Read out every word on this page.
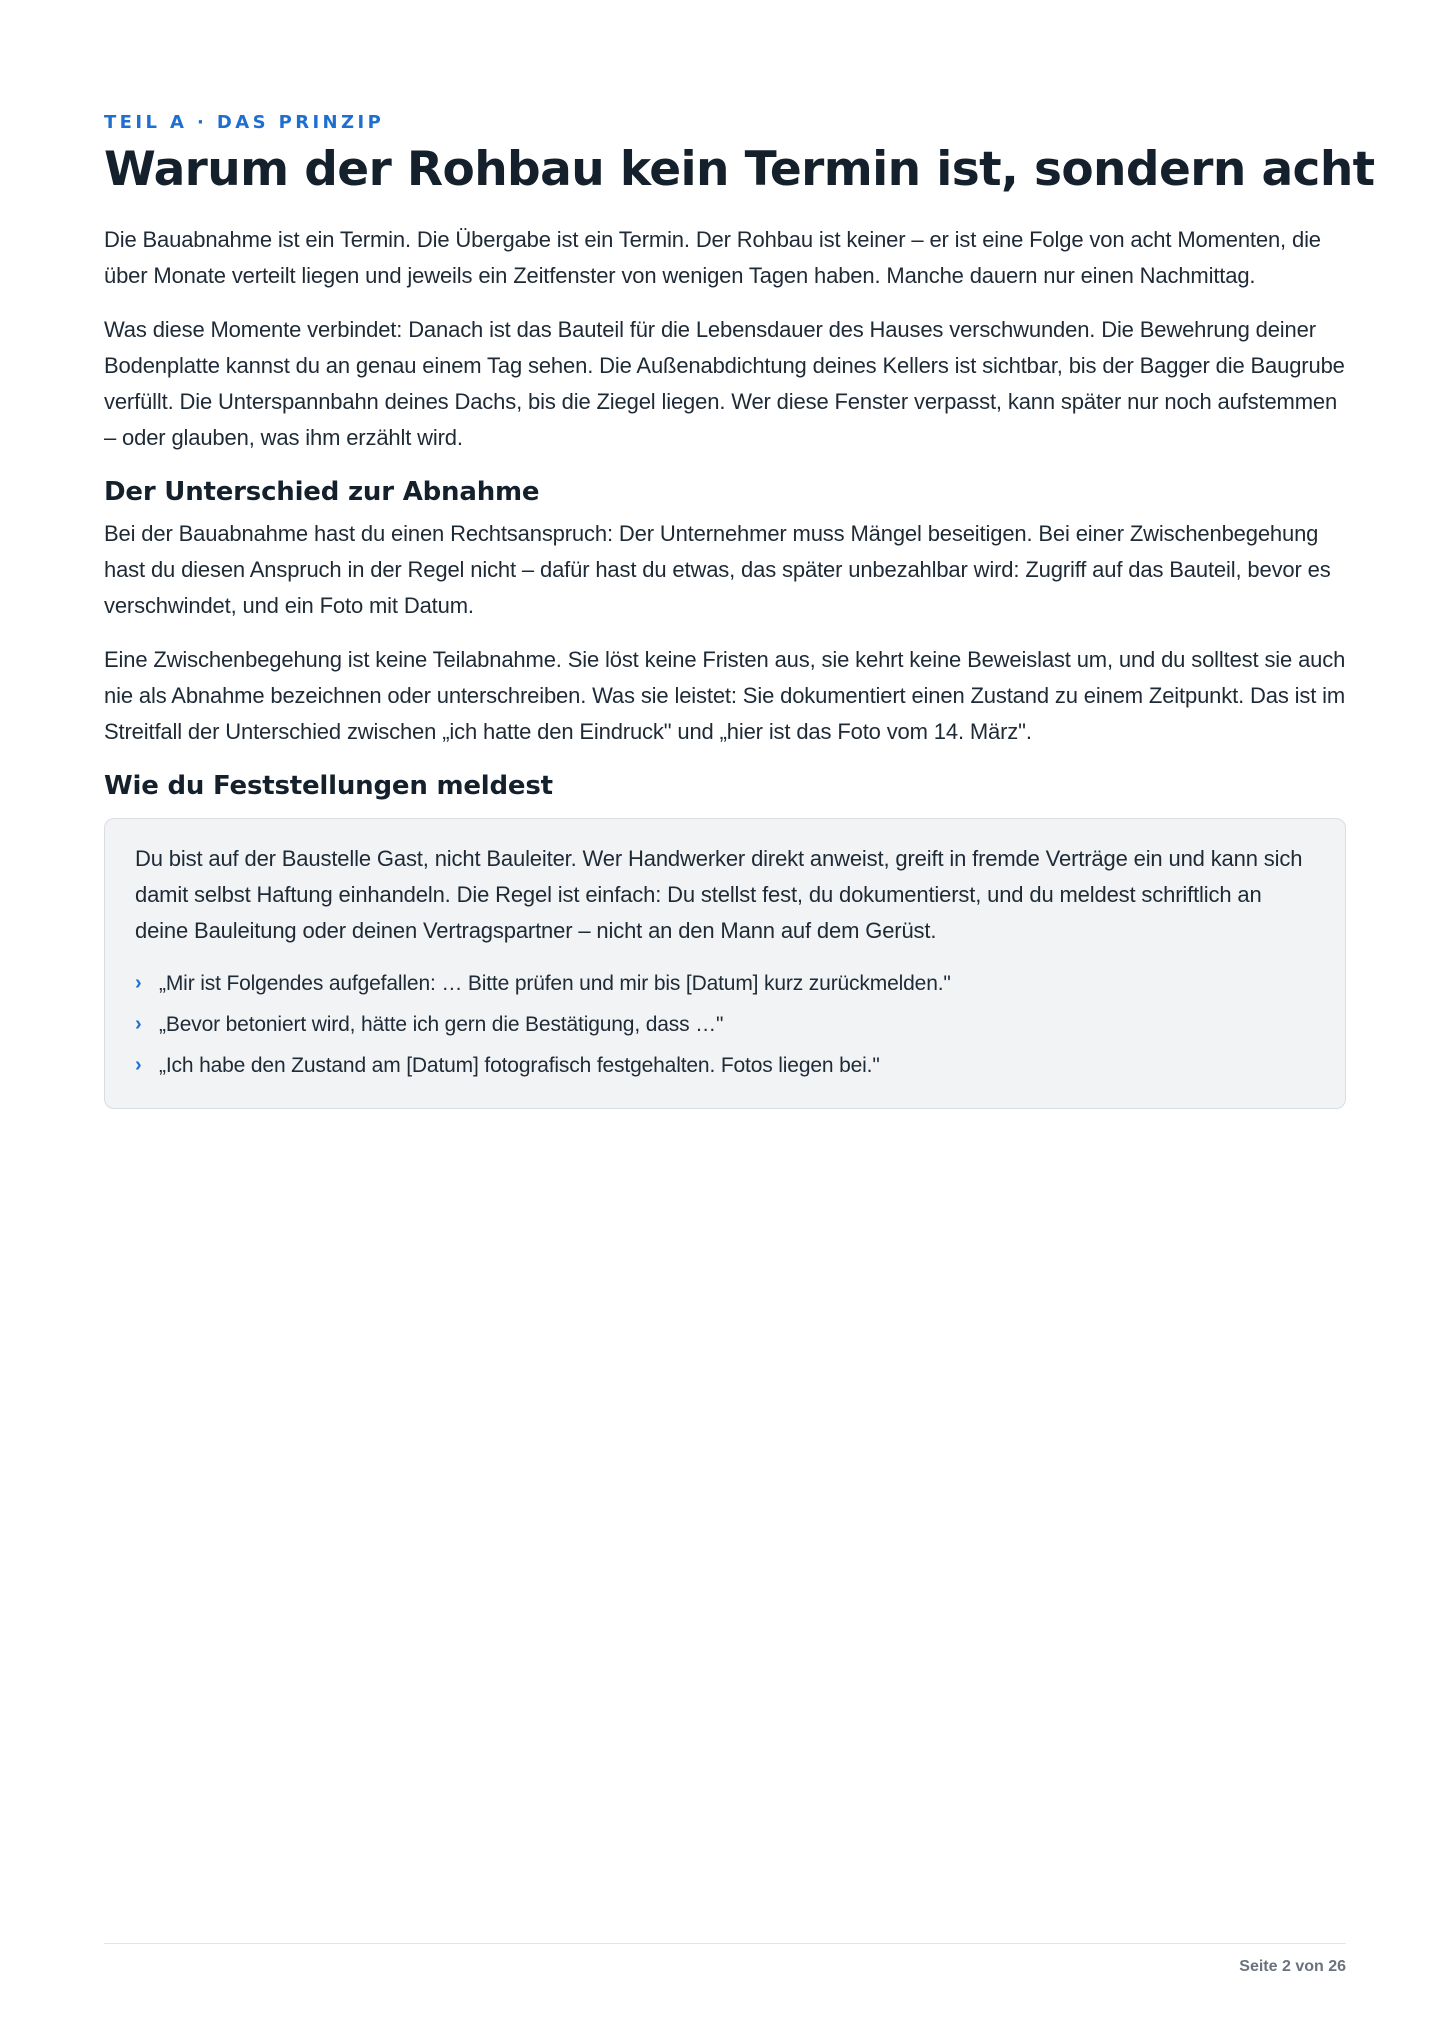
TEIL A · DAS PRINZIP
Warum der Rohbau kein Termin ist, sondern acht

Die Bauabnahme ist ein Termin. Die Übergabe ist ein Termin. Der Rohbau ist keiner – er ist eine Folge von acht Momenten, die über Monate verteilt liegen und jeweils ein Zeitfenster von wenigen Tagen haben. Manche dauern nur einen Nachmittag.

Was diese Momente verbindet: Danach ist das Bauteil für die Lebensdauer des Hauses verschwunden. Die Bewehrung deiner Bodenplatte kannst du an genau einem Tag sehen. Die Außenabdichtung deines Kellers ist sichtbar, bis der Bagger die Baugrube verfüllt. Die Unterspannbahn deines Dachs, bis die Ziegel liegen. Wer diese Fenster verpasst, kann später nur noch aufstemmen – oder glauben, was ihm erzählt wird.

Der Unterschied zur Abnahme

Bei der Bauabnahme hast du einen Rechtsanspruch: Der Unternehmer muss Mängel beseitigen. Bei einer Zwischenbegehung hast du diesen Anspruch in der Regel nicht – dafür hast du etwas, das später unbezahlbar wird: Zugriff auf das Bauteil, bevor es verschwindet, und ein Foto mit Datum.

Eine Zwischenbegehung ist keine Teilabnahme. Sie löst keine Fristen aus, sie kehrt keine Beweislast um, und du solltest sie auch nie als Abnahme bezeichnen oder unterschreiben. Was sie leistet: Sie dokumentiert einen Zustand zu einem Zeitpunkt. Das ist im Streitfall der Unterschied zwischen „ich hatte den Eindruck" und „hier ist das Foto vom 14. März".

Wie du Feststellungen meldest

Du bist auf der Baustelle Gast, nicht Bauleiter. Wer Handwerker direkt anweist, greift in fremde Verträge ein und kann sich damit selbst Haftung einhandeln. Die Regel ist einfach: Du stellst fest, du dokumentierst, und du meldest schriftlich an deine Bauleitung oder deinen Vertragspartner – nicht an den Mann auf dem Gerüst.

› „Mir ist Folgendes aufgefallen: … Bitte prüfen und mir bis [Datum] kurz zurückmelden."
› „Bevor betoniert wird, hätte ich gern die Bestätigung, dass …"
› „Ich habe den Zustand am [Datum] fotografisch festgehalten. Fotos liegen bei."
Seite 2 von 26
